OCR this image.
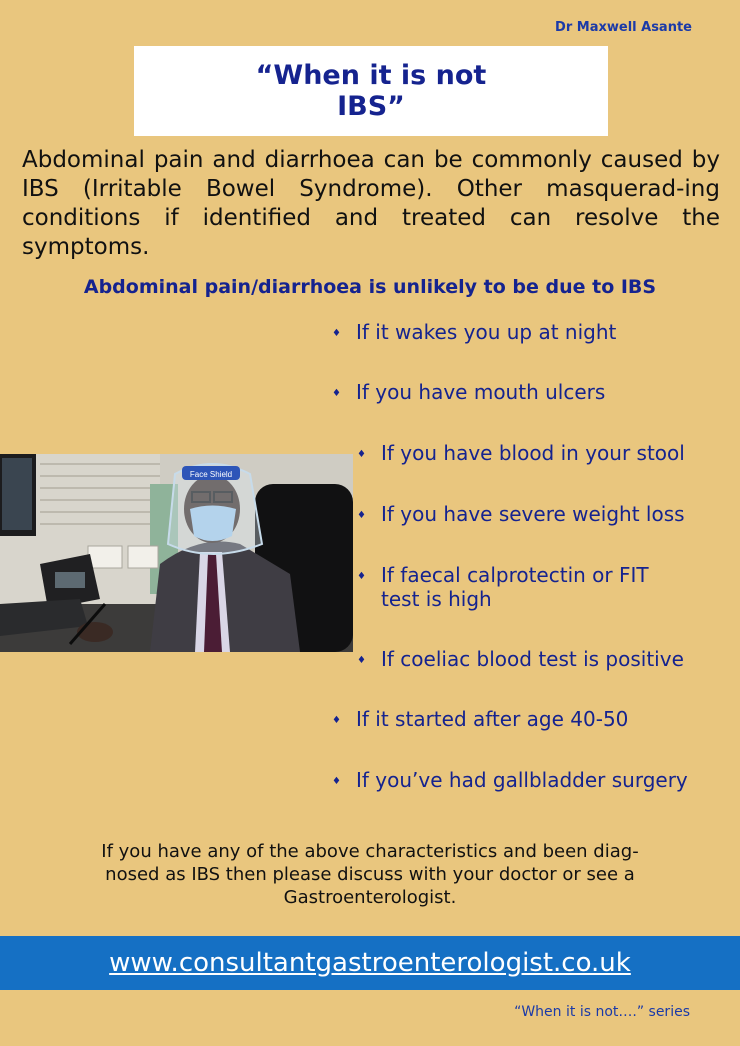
Dr Maxwell Asante
“When it is not
IBS”
Abdominal pain and diarrhoea can be commonly caused by IBS (Irritable Bowel Syndrome). Other masquerad-ing conditions if identified and treated can resolve the symptoms.
Abdominal pain/diarrhoea is unlikely to be due to IBS
♦ If it wakes you up at night
♦ If you have mouth ulcers
♦ If you have blood in your stool
♦ If you have severe weight loss
♦ If faecal calprotectin or FIT
test is high
♦ If coeliac blood test is positive
♦ If it started after age 40-50
♦ If you’ve had gallbladder surgery
Face Shield
If you have any of the above characteristics and been diag-
nosed as IBS then please discuss with your doctor or see a
Gastroenterologist.
www.consultantgastroenterologist.co.uk
“When it is not….” series
